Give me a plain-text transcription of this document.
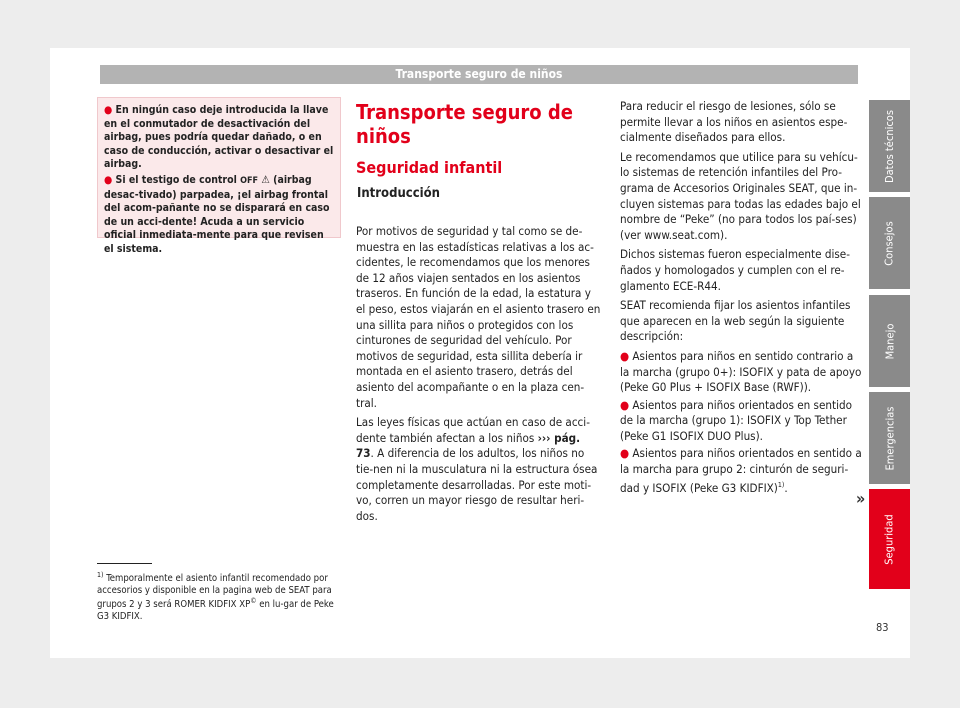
Transporte seguro de niños

● En ningún caso deje introducida la llave en el conmutador de desactivación del airbag, pues podría quedar dañado, o en caso de conducción, activar o desactivar el airbag.

● Si el testigo de control OFF ⚠ (airbag desac-tivado) parpadea, ¡el airbag frontal del acom-pañante no se disparará en caso de un acci-dente! Acuda a un servicio oficial inmediata-mente para que revisen el sistema.

Transporte seguro de niños
Seguridad infantil
Introducción

Por motivos de seguridad y tal como se de-muestra en las estadísticas relativas a los ac-cidentes, le recomendamos que los menores de 12 años viajen sentados en los asientos traseros. En función de la edad, la estatura y el peso, estos viajarán en el asiento trasero en una sillita para niños o protegidos con los cinturones de seguridad del vehículo. Por motivos de seguridad, esta sillita debería ir montada en el asiento trasero, detrás del asiento del acompañante o en la plaza cen-tral.

Las leyes físicas que actúan en caso de acci-dente también afectan a los niños ››› pág. 73. A diferencia de los adultos, los niños no tie-nen ni la musculatura ni la estructura ósea completamente desarrolladas. Por este moti-vo, corren un mayor riesgo de resultar heri-dos.

Para reducir el riesgo de lesiones, sólo se permite llevar a los niños en asientos espe-cialmente diseñados para ellos.

Le recomendamos que utilice para su vehícu-lo sistemas de retención infantiles del Pro-grama de Accesorios Originales SEAT, que in-cluyen sistemas para todas las edades bajo el nombre de “Peke” (no para todos los paí-ses) (ver www.seat.com).

Dichos sistemas fueron especialmente dise-ñados y homologados y cumplen con el re-glamento ECE-R44.

SEAT recomienda fijar los asientos infantiles que aparecen en la web según la siguiente descripción:

● Asientos para niños en sentido contrario a la marcha (grupo 0+): ISOFIX y pata de apoyo (Peke G0 Plus + ISOFIX Base (RWF)).

● Asientos para niños orientados en sentido de la marcha (grupo 1): ISOFIX y Top Tether (Peke G1 ISOFIX DUO Plus).

● Asientos para niños orientados en sentido a la marcha para grupo 2: cinturón de seguri-dad y ISOFIX (Peke G3 KIDFIX)$^{1)}$.

»

$^{1)}$ Temporalmente el asiento infantil recomendado por accesorios y disponible en la pagina web de SEAT para grupos 2 y 3 será ROMER KIDFIX XP© en lu-gar de Peke G3 KIDFIX.

Datos técnicos
Consejos
Manejo
Emergencias
Seguridad
83
